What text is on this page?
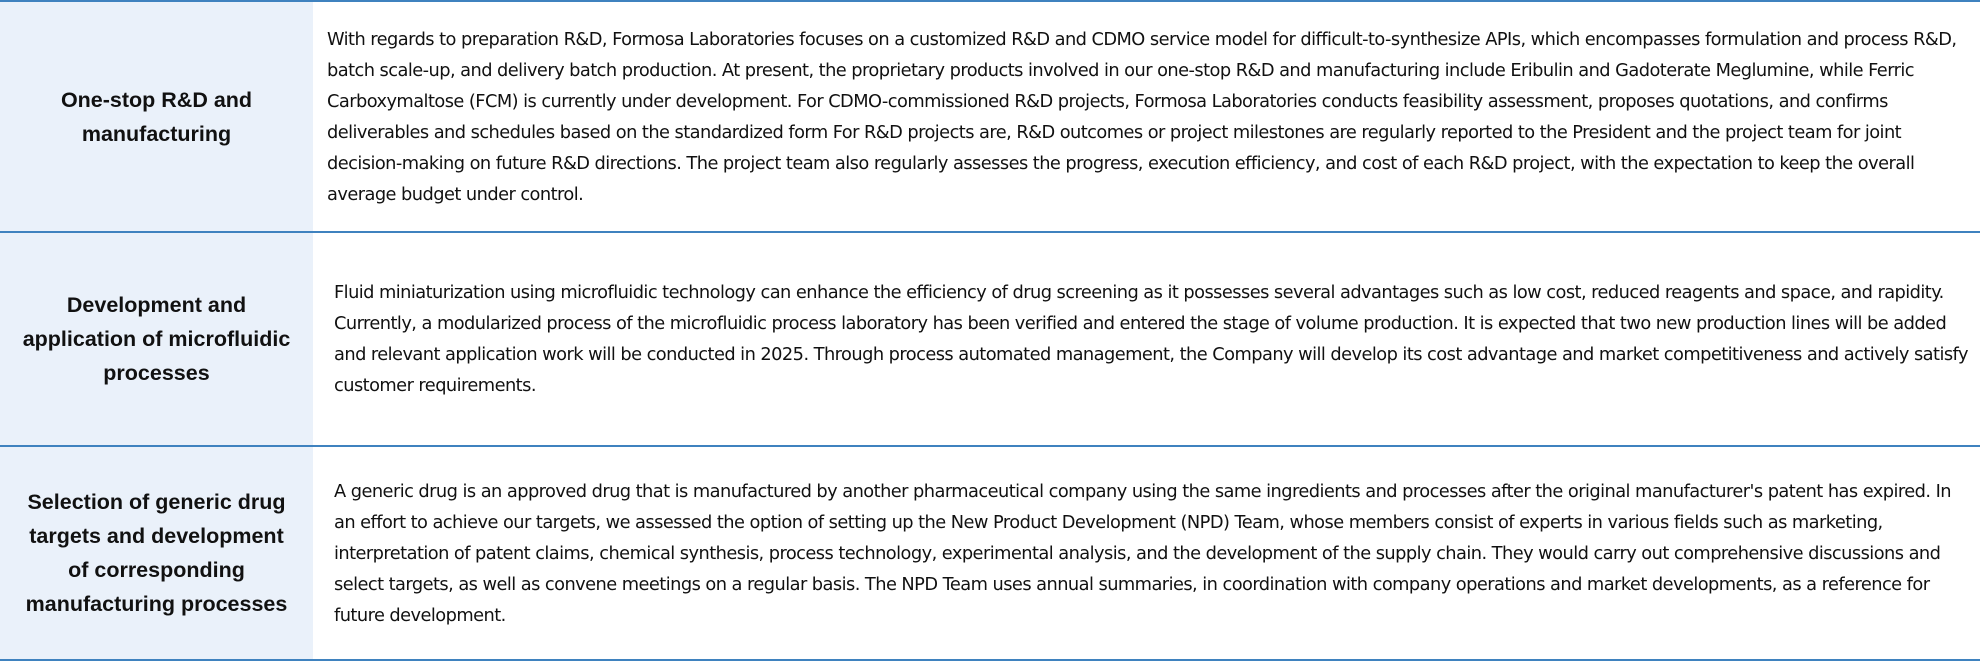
One-stop R&D and
manufacturing
With regards to preparation R&D, Formosa Laboratories focuses on a customized R&D and CDMO service model for difficult-to-synthesize APIs, which encompasses formulation and process R&D, batch scale-up, and delivery batch production. At present, the proprietary products involved in our one-stop R&D and manufacturing include Eribulin and Gadoterate Meglumine, while Ferric Carboxymaltose (FCM) is currently under development. For CDMO-commissioned R&D projects, Formosa Laboratories conducts feasibility assessment, proposes quotations, and confirms deliverables and schedules based on the standardized form For R&D projects are, R&D outcomes or project milestones are regularly reported to the President and the project team for joint decision-making on future R&D directions. The project team also regularly assesses the progress, execution efficiency, and cost of each R&D project, with the expectation to keep the overall average budget under control.
Development and
application of microfluidic
processes
Fluid miniaturization using microfluidic technology can enhance the efficiency of drug screening as it possesses several advantages such as low cost, reduced reagents and space, and rapidity.
Currently, a modularized process of the microfluidic process laboratory has been verified and entered the stage of volume production. It is expected that two new production lines will be added and relevant application work will be conducted in 2025. Through process automated management, the Company will develop its cost advantage and market competitiveness and actively satisfy customer requirements.
Selection of generic drug
targets and development
of corresponding
manufacturing processes
A generic drug is an approved drug that is manufactured by another pharmaceutical company using the same ingredients and processes after the original manufacturer's patent has expired. In an effort to achieve our targets, we assessed the option of setting up the New Product Development (NPD) Team, whose members consist of experts in various fields such as marketing, interpretation of patent claims, chemical synthesis, process technology, experimental analysis, and the development of the supply chain. They would carry out comprehensive discussions and select targets, as well as convene meetings on a regular basis. The NPD Team uses annual summaries, in coordination with company operations and market developments, as a reference for future development.
